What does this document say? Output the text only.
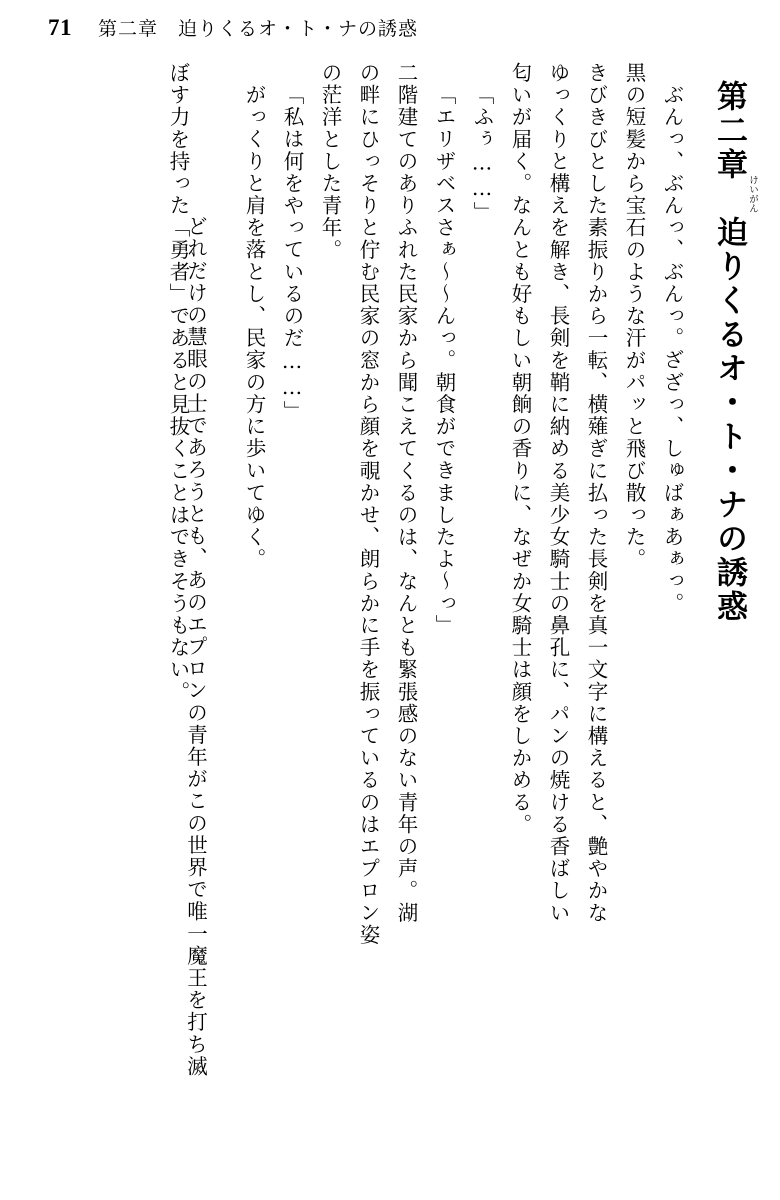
71 第二章　迫りくるオ・ト・ナの誘惑
第二章　迫りくるオ・ト・ナの誘惑
ぶんっ、ぶんっ、ぶんっ。ざざっ、しゅばぁあぁっ。
黒の短髪から宝石のような汗がパッと飛び散った。
きびきびとした素振りから一転、横薙ぎに払った長剣を真一文字に構えると、艶やかな
ゆっくりと構えを解き、長剣を鞘に納める美少女騎士の鼻孔に、パンの焼ける香ばしい
匂いが届く。なんとも好もしい朝餉の香りに、なぜか女騎士は顔をしかめる。
「ふぅ……」
「エリザベスさぁ～～んっ。朝食ができましたよ～っ」
二階建てのありふれた民家から聞こえてくるのは、なんとも緊張感のない青年の声。湖
の畔にひっそりと佇む民家の窓から顔を覗かせ、朗らかに手を振っているのはエプロン姿
の茫洋とした青年。
「私は何をやっているのだ……」
がっくりと肩を落とし、民家の方に歩いてゆく。

どれだけの慧眼の士であろうとも、あのエプロンの青年がこの世界で唯一魔王を打ち滅

けいがん

ぼす力を持った「勇者」であると見抜くことはできそうもない。
